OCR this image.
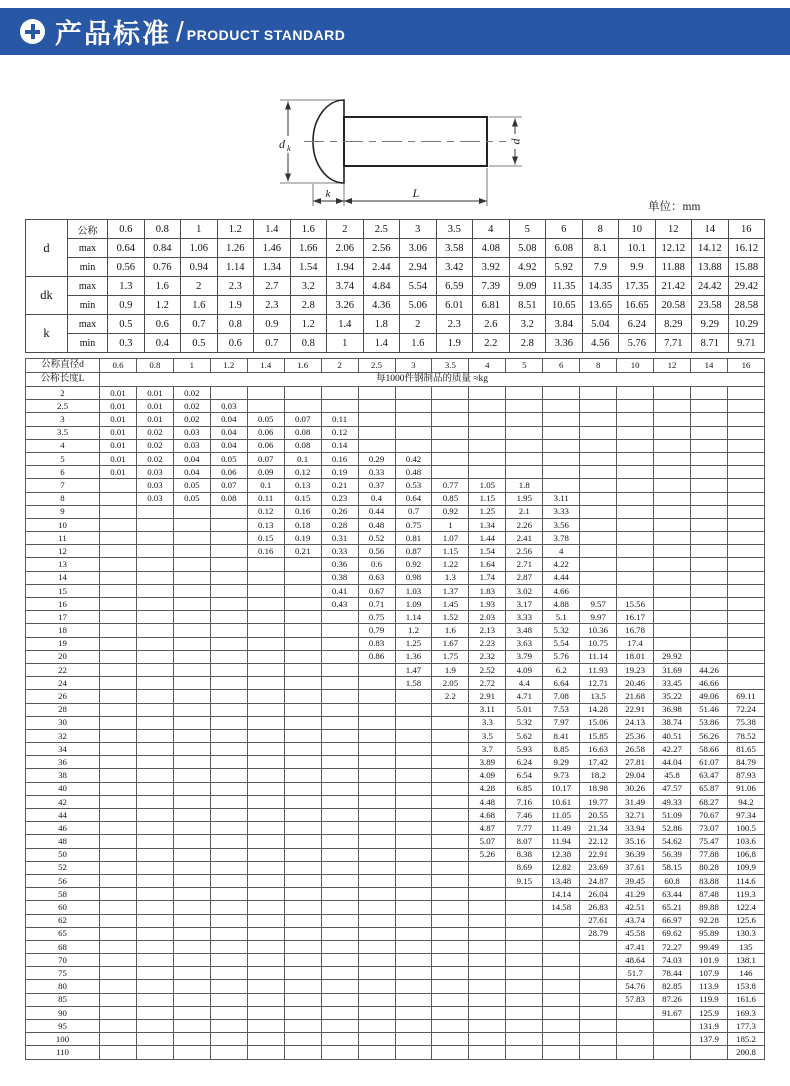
产品标准 / PRODUCT STANDARD
d k
d
k	L
单位：mm
d	公称	0.6	0.8	1	1.2	1.4	1.6	2	2.5	3	3.5	4	5	6	8	10	12	14	16
	max	0.64	0.84	1.06	1.26	1.46	1.66	2.06	2.56	3.06	3.58	4.08	5.08	6.08	8.1	10.1	12.12	14.12	16.12
	min	0.56	0.76	0.94	1.14	1.34	1.54	1.94	2.44	2.94	3.42	3.92	4.92	5.92	7.9	9.9	11.88	13.88	15.88
dk	max	1.3	1.6	2	2.3	2.7	3.2	3.74	4.84	5.54	6.59	7.39	9.09	11.35	14.35	17.35	21.42	24.42	29.42
	min	0.9	1.2	1.6	1.9	2.3	2.8	3.26	4.36	5.06	6.01	6.81	8.51	10.65	13.65	16.65	20.58	23.58	28.58
k	max	0.5	0.6	0.7	0.8	0.9	1.2	1.4	1.8	2	2.3	2.6	3.2	3.84	5.04	6.24	8.29	9.29	10.29
	min	0.3	0.4	0.5	0.6	0.7	0.8	1	1.4	1.6	1.9	2.2	2.8	3.36	4.56	5.76	7.71	8.71	9.71
公称直径d	0.6	0.8	1	1.2	1.4	1.6	2	2.5	3	3.5	4	5	6	8	10	12	14	16
公称长度L	每1000件钢制品的质量 ≈kg																	
2	0.01	0.01	0.02															
2.5	0.01	0.01	0.02	0.03														
3	0.01	0.01	0.02	0.04	0.05	0.07	0.11											
3.5	0.01	0.02	0.03	0.04	0.06	0.08	0.12											
4	0.01	0.02	0.03	0.04	0.06	0.08	0.14											
5	0.01	0.02	0.04	0.05	0.07	0.1	0.16	0.29	0.42									
6	0.01	0.03	0.04	0.06	0.09	0.12	0.19	0.33	0.48									
7		0.03	0.05	0.07	0.1	0.13	0.21	0.37	0.53	0.77	1.05	1.8						
8		0.03	0.05	0.08	0.11	0.15	0.23	0.4	0.64	0.85	1.15	1.95	3.11					
9					0.12	0.16	0.26	0.44	0.7	0.92	1.25	2.1	3.33					
10					0.13	0.18	0.28	0.48	0.75	1	1.34	2.26	3.56					
11					0.15	0.19	0.31	0.52	0.81	1.07	1.44	2.41	3.78					
12					0.16	0.21	0.33	0.56	0.87	1.15	1.54	2.56	4					
13							0.36	0.6	0.92	1.22	1.64	2.71	4.22					
14							0.38	0.63	0.98	1.3	1.74	2.87	4.44					
15							0.41	0.67	1.03	1.37	1.83	3.02	4.66					
16							0.43	0.71	1.09	1.45	1.93	3.17	4.88	9.57	15.56			
17								0.75	1.14	1.52	2.03	3.33	5.1	9.97	16.17			
18								0.79	1.2	1.6	2.13	3.48	5.32	10.36	16.78			
19								0.83	1.25	1.67	2.23	3.63	5.54	10.75	17.4			
20								0.86	1.36	1.75	2.32	3.79	5.76	11.14	18.01	29.92		
22									1.47	1.9	2.52	4.09	6.2	11.93	19.23	31.69	44.26	
24									1.58	2.05	2.72	4.4	6.64	12.71	20.46	33.45	46.66	
26										2.2	2.91	4.71	7.08	13.5	21.68	35.22	49.06	69.11
28											3.11	5.01	7.53	14.28	22.91	36.98	51.46	72.24
30											3.3	5.32	7.97	15.06	24.13	38.74	53.86	75.38
32											3.5	5.62	8.41	15.85	25.36	40.51	56.26	78.52
34											3.7	5.93	8.85	16.63	26.58	42.27	58.66	81.65
36											3.89	6.24	9.29	17.42	27.81	44.04	61.07	84.79
38											4.09	6.54	9.73	18.2	29.04	45.8	63.47	87.93
40											4.28	6.85	10.17	18.98	30.26	47.57	65.87	91.06
42											4.48	7.16	10.61	19.77	31.49	49.33	68.27	94.2
44											4.68	7.46	11.05	20.55	32.71	51.09	70.67	97.34
46											4.87	7.77	11.49	21.34	33.94	52.86	73.07	100.5
48											5.07	8.07	11.94	22.12	35.16	54.62	75.47	103.6
50											5.26	8.38	12.38	22.91	36.39	56.39	77.88	106.8
52												8.69	12.82	23.69	37.61	58.15	80.28	109.9
56												9.15	13.48	24.87	39.45	60.8	83.88	114.6
58													14.14	26.04	41.29	63.44	87.48	119.3
60													14.58	26.83	42.51	65.21	89.88	122.4
62														27.61	43.74	66.97	92.28	125.6
65														28.79	45.58	69.62	95.89	130.3
68															47.41	72.27	99.49	135
70															48.64	74.03	101.9	138.1
75															51.7	78.44	107.9	146
80															54.76	82.85	113.9	153.8
85															57.83	87.26	119.9	161.6
90																91.67	125.9	169.3
95																	131.9	177.3
100																	137.9	185.2
110																		200.8
